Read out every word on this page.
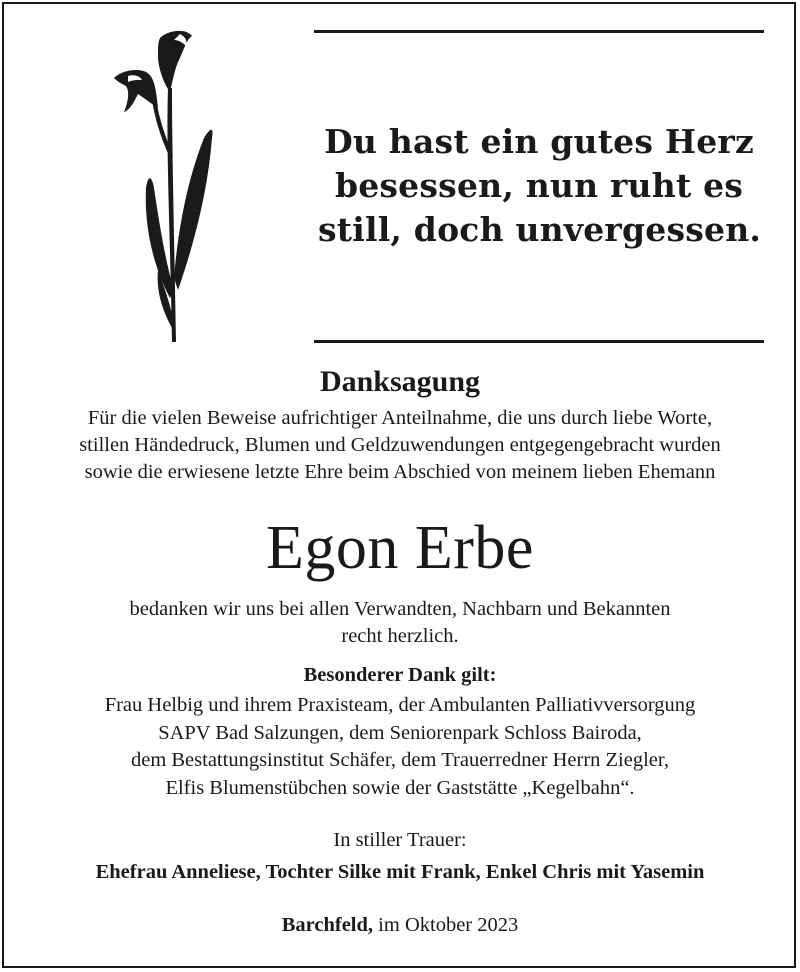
Du hast ein gutes Herz
besessen, nun ruht es
still, doch unvergessen.
Danksagung
Für die vielen Beweise aufrichtiger Anteilnahme, die uns durch liebe Worte,
stillen Händedruck, Blumen und Geldzuwendungen entgegengebracht wurden
sowie die erwiesene letzte Ehre beim Abschied von meinem lieben Ehemann
Egon Erbe
bedanken wir uns bei allen Verwandten, Nachbarn und Bekannten
recht herzlich.
Besonderer Dank gilt:
Frau Helbig und ihrem Praxisteam, der Ambulanten Palliativversorgung
SAPV Bad Salzungen, dem Seniorenpark Schloss Bairoda,
dem Bestattungsinstitut Schäfer, dem Trauerredner Herrn Ziegler,
Elfis Blumenstübchen sowie der Gaststätte „Kegelbahn“.
In stiller Trauer:
Ehefrau Anneliese, Tochter Silke mit Frank, Enkel Chris mit Yasemin
Barchfeld, im Oktober 2023
